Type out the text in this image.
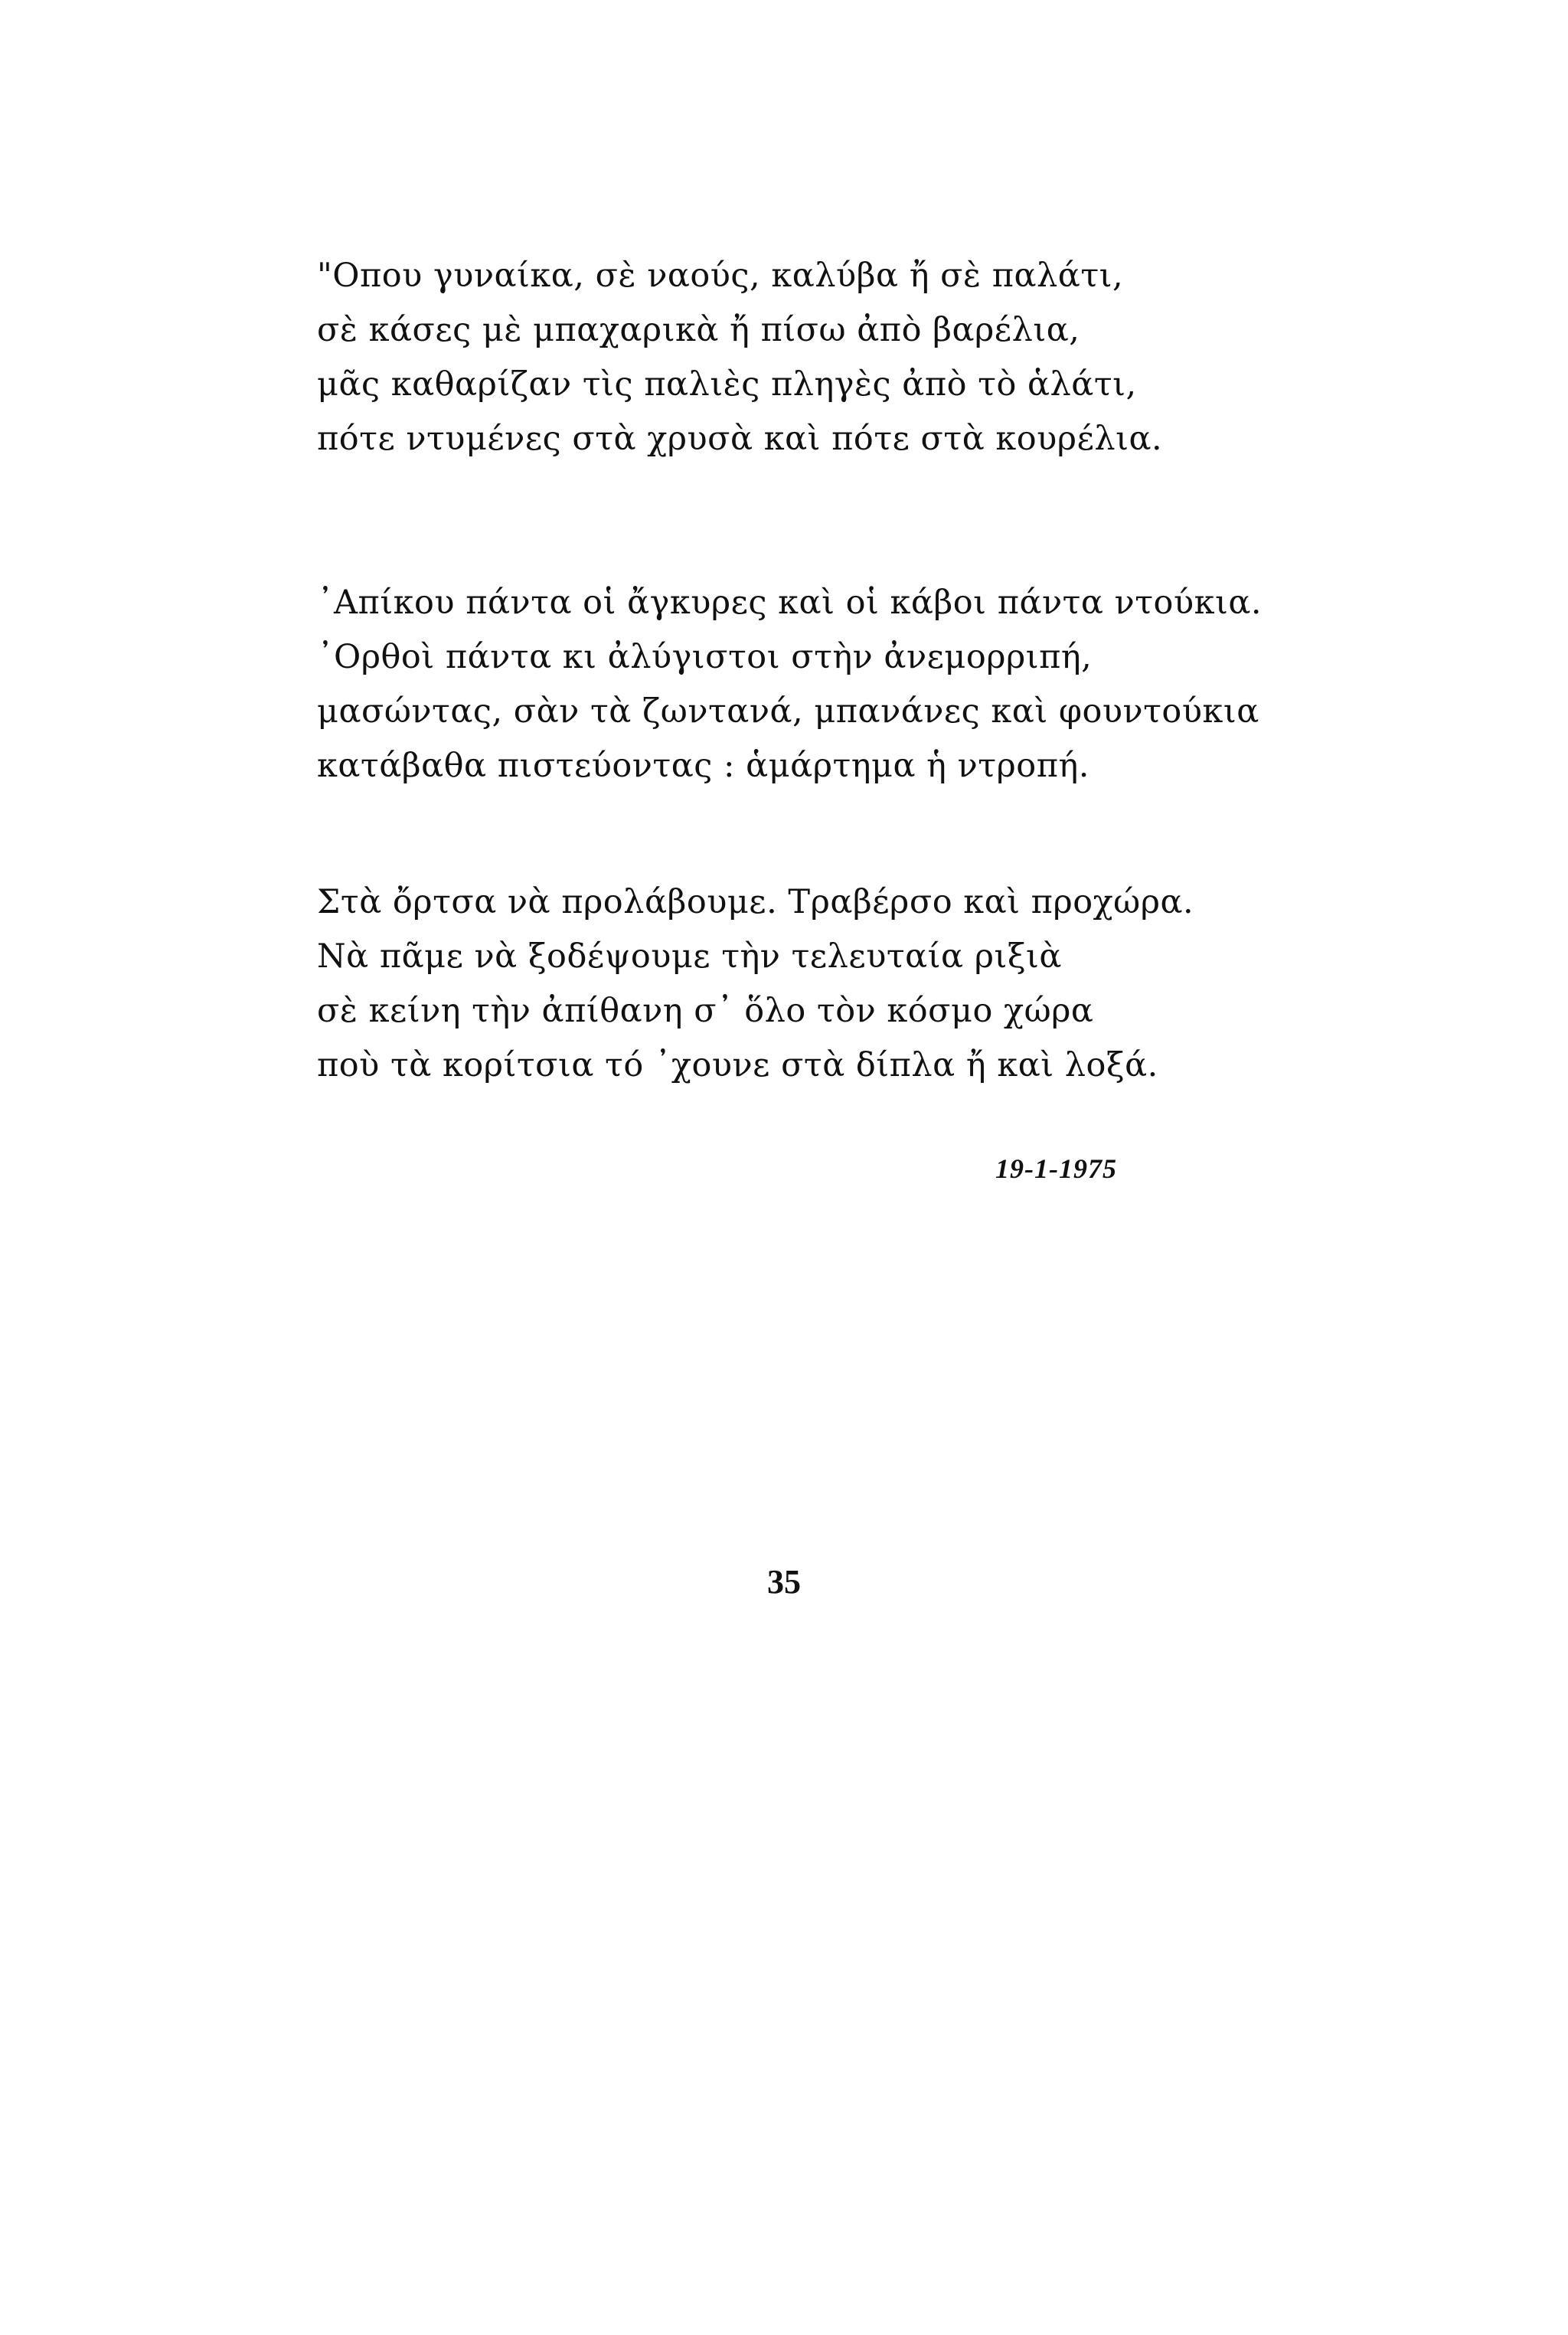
"Οπου γυναίκα, σὲ ναούς, καλύβα ἤ σὲ παλάτι,
σὲ κάσες μὲ μπαχαρικὰ ἤ πίσω ἀπὸ βαρέλια,
μᾶς καθαρίζαν τὶς παλιὲς πληγὲς ἀπὸ τὸ ἁλάτι,
πότε ντυμένες στὰ χρυσὰ καὶ πότε στὰ κουρέλια.
᾿Απίκου πάντα οἱ ἄγκυρες καὶ οἱ κάβοι πάντα ντούκια.
᾿Ορθοὶ πάντα κι ἀλύγιστοι στὴν ἀνεμορριπή,
μασώντας, σὰν τὰ ζωντανά, μπανάνες καὶ φουντούκια
κατάβαθα πιστεύοντας : ἁμάρτημα ἡ ντροπή.
Στὰ ὄρτσα νὰ προλάβουμε. Τραβέρσο καὶ προχώρα.
Νὰ πᾶμε νὰ ξοδέψουμε τὴν τελευταία ριξιὰ
σὲ κείνη τὴν ἀπίθανη σ᾿ ὅλο τὸν κόσμο χώρα
ποὺ τὰ κορίτσια τό ᾿χουνε στὰ δίπλα ἤ καὶ λοξά.
19-1-1975
35
